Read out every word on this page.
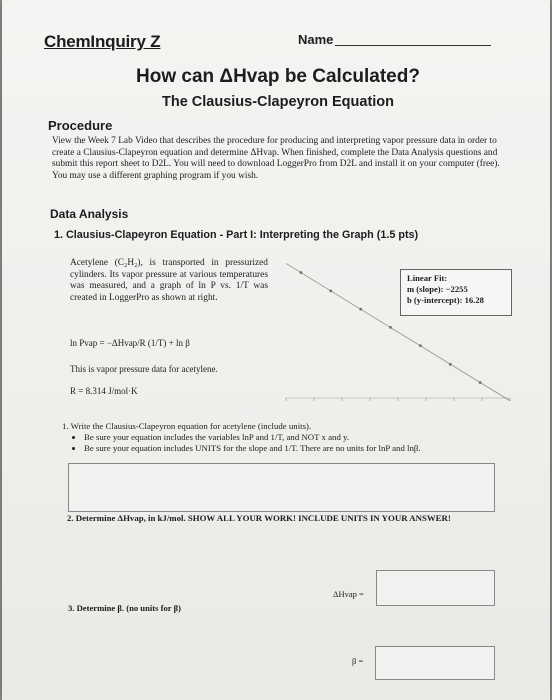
ChemInquiry Z	Name
How can ΔHvap be Calculated?
The Clausius-Clapeyron Equation
Procedure
View the Week 7 Lab Video that describes the procedure for producing and interpreting vapor pressure data in order to create a Clausius-Clapeyron equation and determine ΔHvap. When finished, complete the Data Analysis questions and submit this report sheet to D2L. You will need to download LoggerPro from D2L and install it on your computer (free). You may use a different graphing program if you wish.
Data Analysis
1. Clausius-Clapeyron Equation - Part I: Interpreting the Graph (1.5 pts)
Acetylene (C₂H₂), is transported in pressurized cylinders. Its vapor pressure at various temperatures was measured, and a graph of ln P vs. 1/T was created in LoggerPro as shown at right.
ln Pvap = −ΔHvap/R (1/T) + ln β
This is vapor pressure data for acetylene.
R = 8.314 J/mol·K
Linear Fit:
m (slope): −2255
b (y-intercept): 16.28
1. Write the Clausius-Clapeyron equation for acetylene (include units).
• Be sure your equation includes the variables lnP and 1/T, and NOT x and y.
• Be sure your equation includes UNITS for the slope and 1/T. There are no units for lnP and lnβ.
2. Determine ΔHvap, in kJ/mol. SHOW ALL YOUR WORK! INCLUDE UNITS IN YOUR ANSWER!
ΔHvap =
3. Determine β. (no units for β)
β =
